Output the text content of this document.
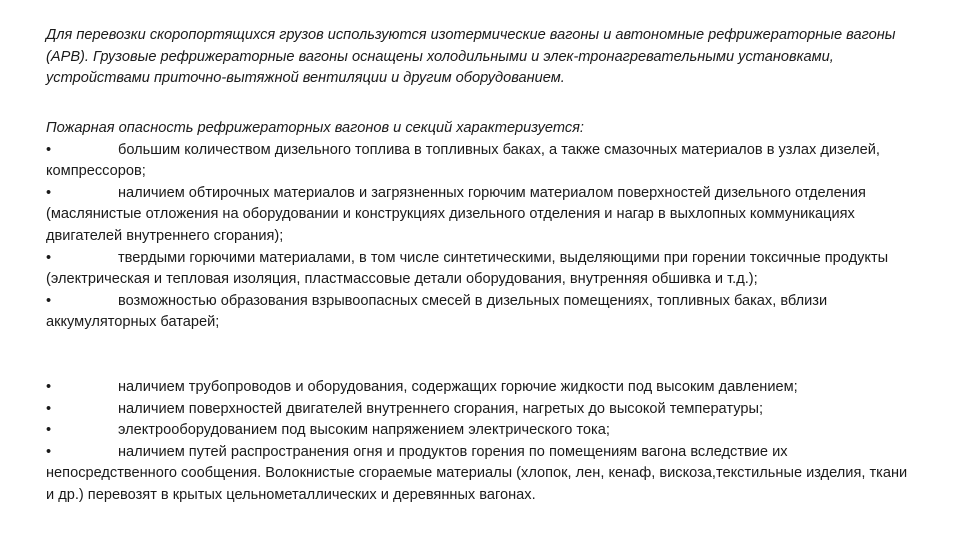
Для перевозки скоропортящихся грузов используются изотермические вагоны и автономные рефрижераторные вагоны (АРВ). Грузовые рефрижераторные вагоны оснащены холодильными и элек-тронагревательными установками, устройствами приточно-вытяжной вентиляции и другим оборудованием.

Пожарная опасность рефрижераторных вагонов и секций характеризуется:

•	большим количеством дизельного топлива в топливных баках, а также смазочных материалов в узлах дизелей, компрессоров;

•	наличием обтирочных материалов и загрязненных горючим материалом поверхностей дизельного отделения (маслянистые отложения на оборудовании и конструкциях дизельного отделения и нагар в выхлопных коммуникациях двигателей внутреннего сгорания);

•	твердыми горючими материалами, в том числе синтетическими, выделяющими при горении токсичные продукты (электрическая и тепловая изоляция, пластмассовые детали оборудования, внутренняя обшивка и т.д.);

•	возможностью образования взрывоопасных смесей в дизельных помещениях, топливных баках, вблизи аккумуляторных батарей;

•	наличием трубопроводов и оборудования, содержащих горючие жидкости под высоким давлением;

•	наличием поверхностей двигателей внутреннего сгорания, нагретых до высокой температуры;

•	электрооборудованием под высоким напряжением электрического тока;

•	наличием путей распространения огня и продуктов горения по помещениям вагона вследствие их непосредственного сообщения. Волокнистые сгораемые материалы (хлопок, лен, кенаф, вискоза,текстильные изделия, ткани и др.) перевозят в крытых цельнометаллических и деревянных вагонах.
